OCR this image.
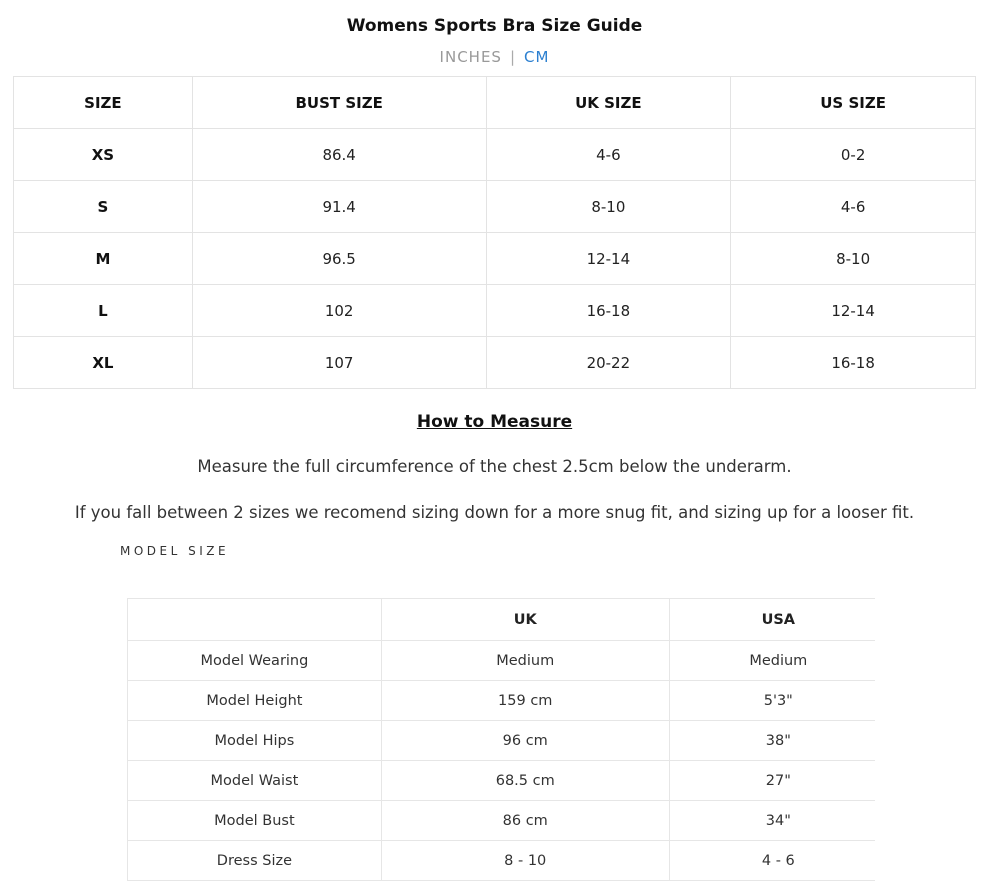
Womens Sports Bra Size Guide
INCHES | CM
SIZE	BUST SIZE	UK SIZE	US SIZE
XS	86.4	4-6	0-2
S	91.4	8-10	4-6
M	96.5	12-14	8-10
L	102	16-18	12-14
XL	107	20-22	16-18
How to Measure
Measure the full circumference of the chest 2.5cm below the underarm.
If you fall between 2 sizes we recomend sizing down for a more snug fit, and sizing up for a looser fit.
MODEL SIZE
	UK	USA
Model Wearing	Medium	Medium
Model Height	159 cm	5'3"
Model Hips	96 cm	38"
Model Waist	68.5 cm	27"
Model Bust	86 cm	34"
Dress Size	8 - 10	4 - 6
